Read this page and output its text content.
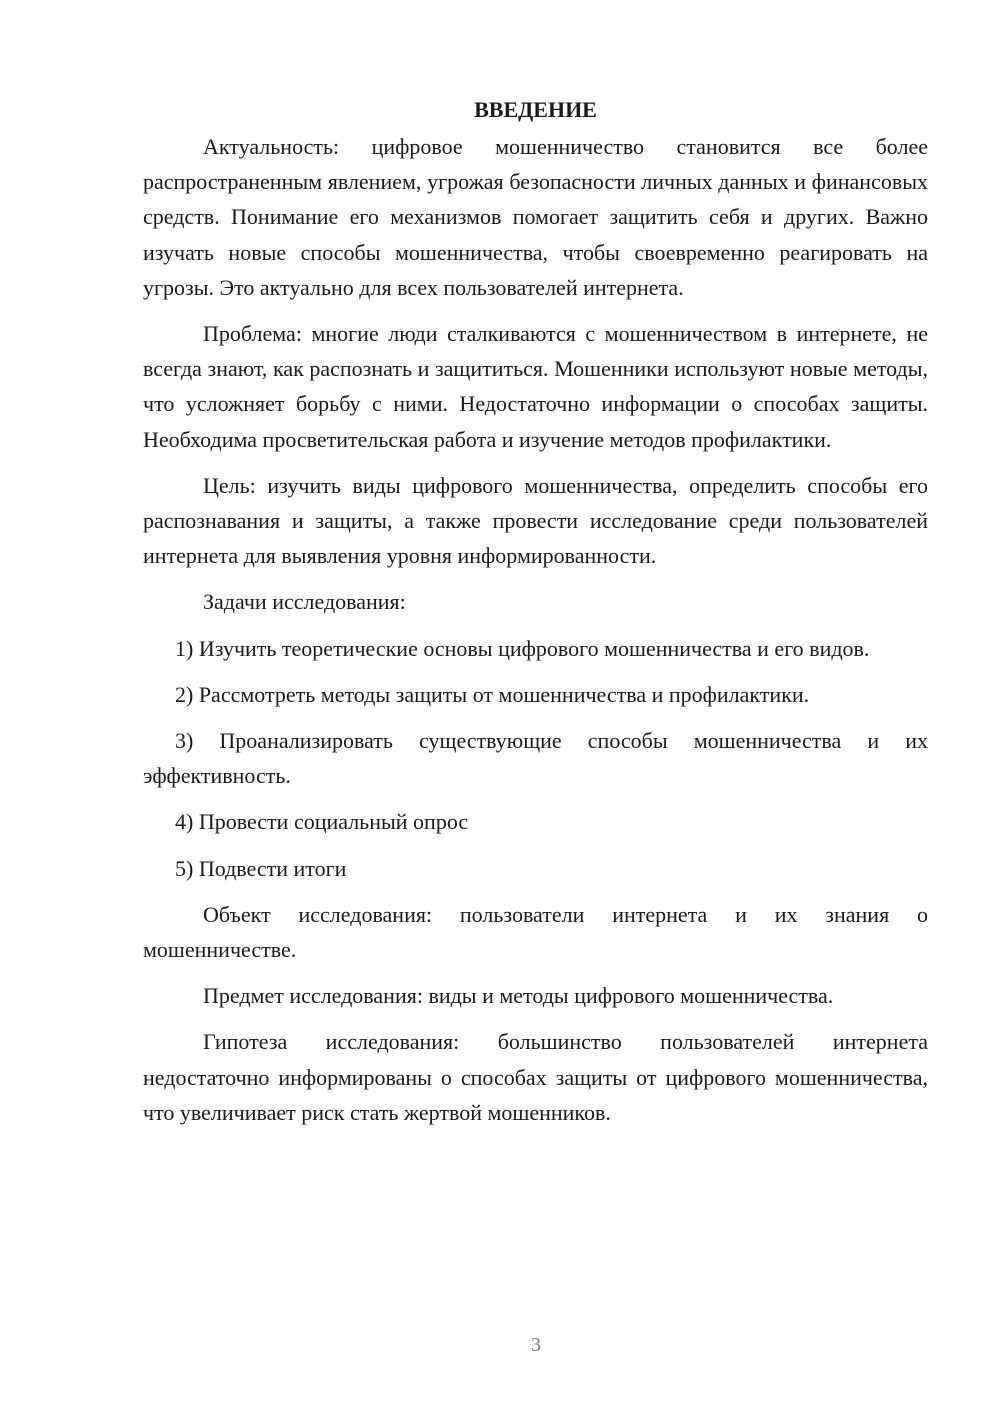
ВВЕДЕНИЕ

Актуальность: цифровое мошенничество становится все более распространенным явлением, угрожая безопасности личных данных и финансовых средств. Понимание его механизмов помогает защитить себя и других. Важно изучать новые способы мошенничества, чтобы своевременно реагировать на угрозы. Это актуально для всех пользователей интернета.

Проблема: многие люди сталкиваются с мошенничеством в интернете, не всегда знают, как распознать и защититься. Мошенники используют новые методы, что усложняет борьбу с ними. Недостаточно информации о способах защиты. Необходима просветительская работа и изучение методов профилактики.

Цель: изучить виды цифрового мошенничества, определить способы его распознавания и защиты, а также провести исследование среди пользователей интернета для выявления уровня информированности.

Задачи исследования:

1) Изучить теоретические основы цифрового мошенничества и его видов.

2) Рассмотреть методы защиты от мошенничества и профилактики.

3) Проанализировать существующие способы мошенничества и их эффективность.

4) Провести социальный опрос

5) Подвести итоги

Объект исследования: пользователи интернета и их знания о мошенничестве.

Предмет исследования: виды и методы цифрового мошенничества.

Гипотеза исследования: большинство пользователей интернета недостаточно информированы о способах защиты от цифрового мошенничества, что увеличивает риск стать жертвой мошенников.

3
